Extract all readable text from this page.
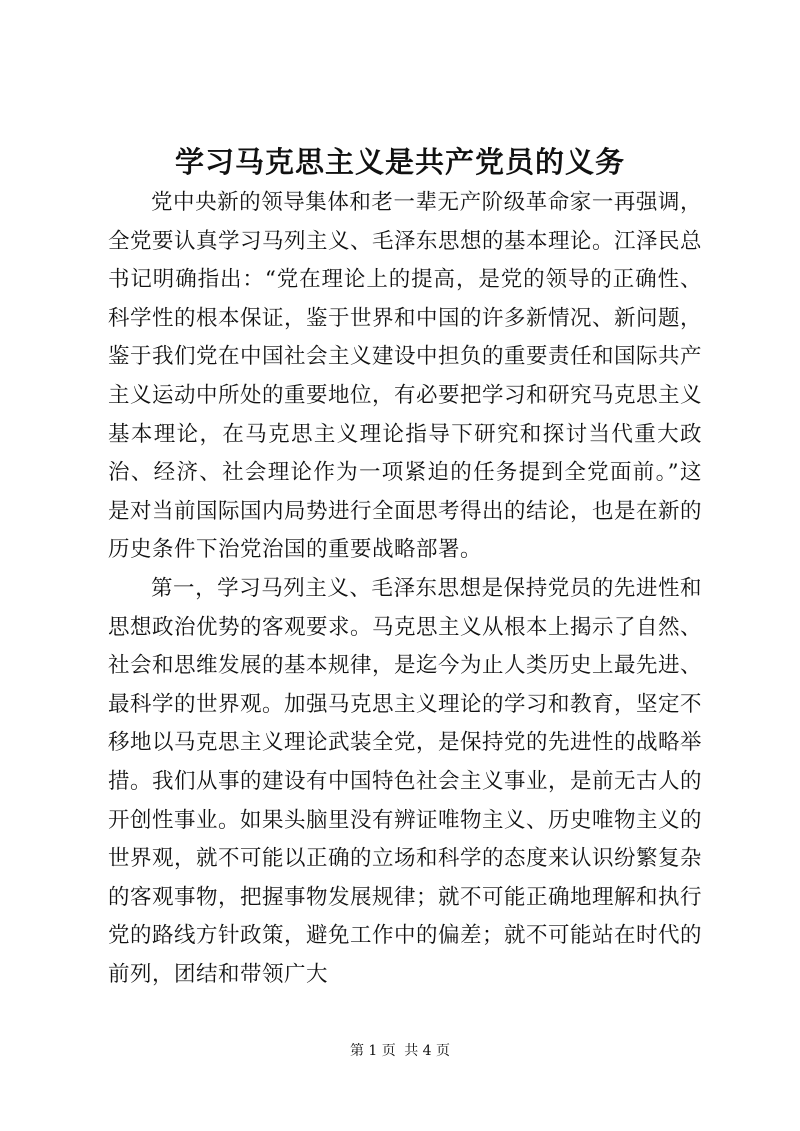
学习马克思主义是共产党员的义务

党中央新的领导集体和老一辈无产阶级革命家一再强调，全党要认真学习马列主义、毛泽东思想的基本理论。江泽民总书记明确指出：“党在理论上的提高，是党的领导的正确性、科学性的根本保证，鉴于世界和中国的许多新情况、新问题，鉴于我们党在中国社会主义建设中担负的重要责任和国际共产主义运动中所处的重要地位，有必要把学习和研究马克思主义基本理论，在马克思主义理论指导下研究和探讨当代重大政治、经济、社会理论作为一项紧迫的任务提到全党面前。”这是对当前国际国内局势进行全面思考得出的结论，也是在新的历史条件下治党治国的重要战略部署。

第一，学习马列主义、毛泽东思想是保持党员的先进性和思想政治优势的客观要求。马克思主义从根本上揭示了自然、社会和思维发展的基本规律，是迄今为止人类历史上最先进、最科学的世界观。加强马克思主义理论的学习和教育，坚定不移地以马克思主义理论武装全党，是保持党的先进性的战略举措。我们从事的建设有中国特色社会主义事业，是前无古人的开创性事业。如果头脑里没有辨证唯物主义、历史唯物主义的世界观，就不可能以正确的立场和科学的态度来认识纷繁复杂的客观事物，把握事物发展规律；就不可能正确地理解和执行党的路线方针政策，避免工作中的偏差；就不可能站在时代的前列，团结和带领广大

第 1 页 共 4 页
